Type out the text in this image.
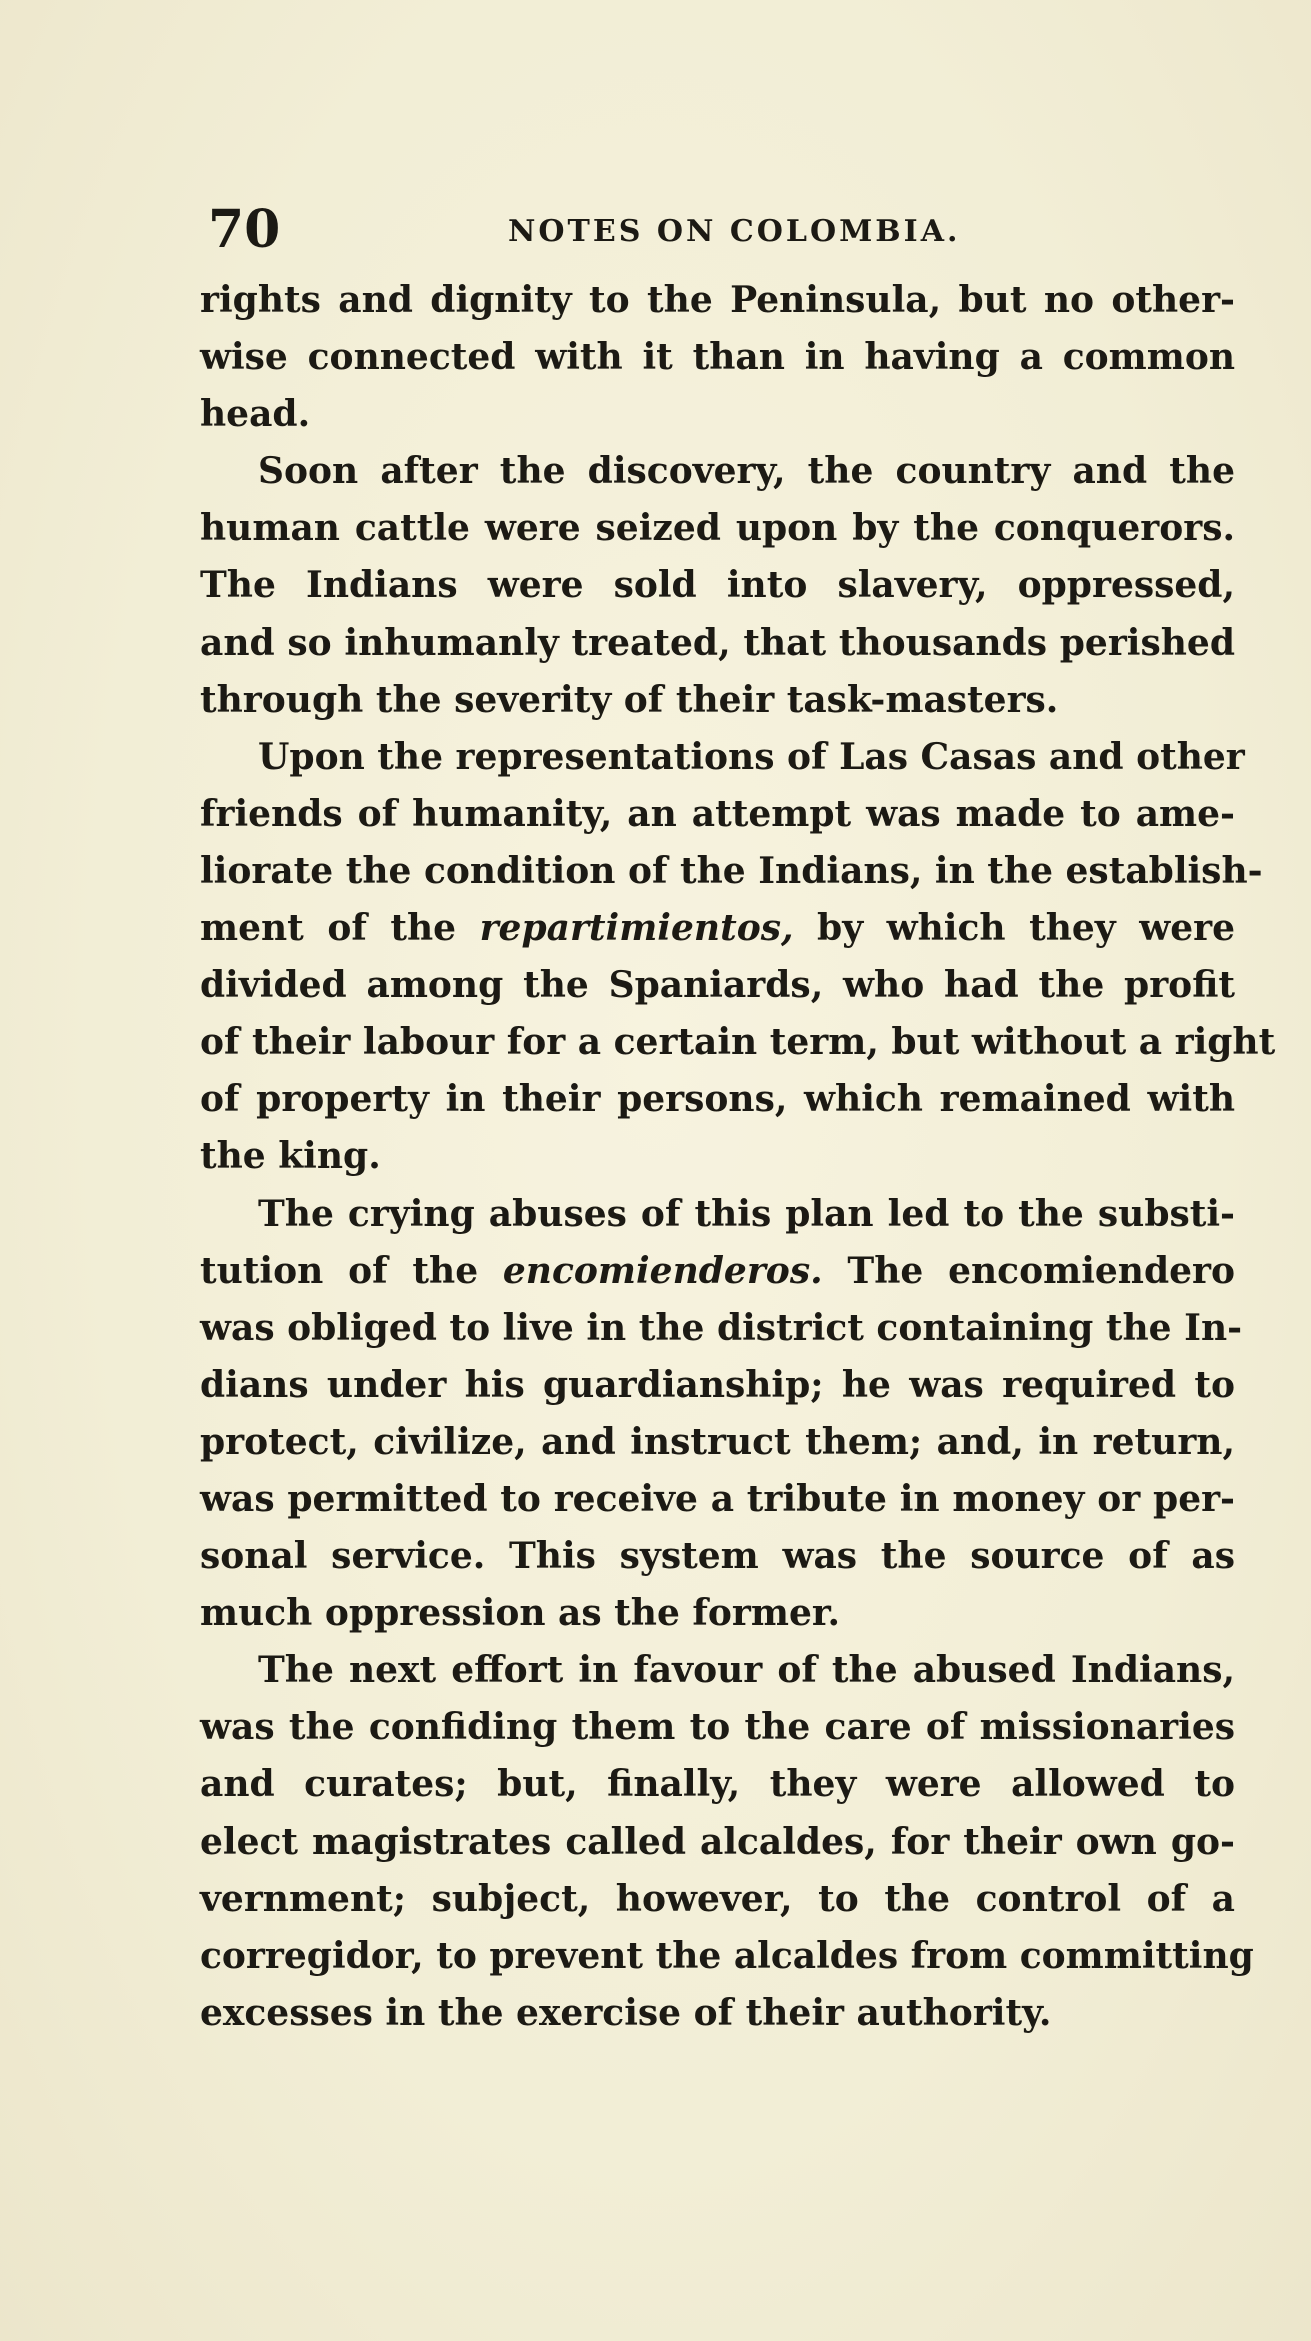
70	NOTES ON COLOMBIA.
rights and dignity to the Peninsula, but no other-
wise connected with it than in having a common
head.
Soon after the discovery, the country and the
human cattle were seized upon by the conquerors.
The Indians were sold into slavery, oppressed,
and so inhumanly treated, that thousands perished
through the severity of their task-masters.
Upon the representations of Las Casas and other
friends of humanity, an attempt was made to ame-
liorate the condition of the Indians, in the establish-
ment of the repartimientos, by which they were
divided among the Spaniards, who had the profit
of their labour for a certain term, but without a right
of property in their persons, which remained with
the king.
The crying abuses of this plan led to the substi-
tution of the encomienderos. The encomiendero
was obliged to live in the district containing the In-
dians under his guardianship; he was required to
protect, civilize, and instruct them; and, in return,
was permitted to receive a tribute in money or per-
sonal service. This system was the source of as
much oppression as the former.
The next effort in favour of the abused Indians,
was the confiding them to the care of missionaries
and curates; but, finally, they were allowed to
elect magistrates called alcaldes, for their own go-
vernment; subject, however, to the control of a
corregidor, to prevent the alcaldes from committing
excesses in the exercise of their authority.
